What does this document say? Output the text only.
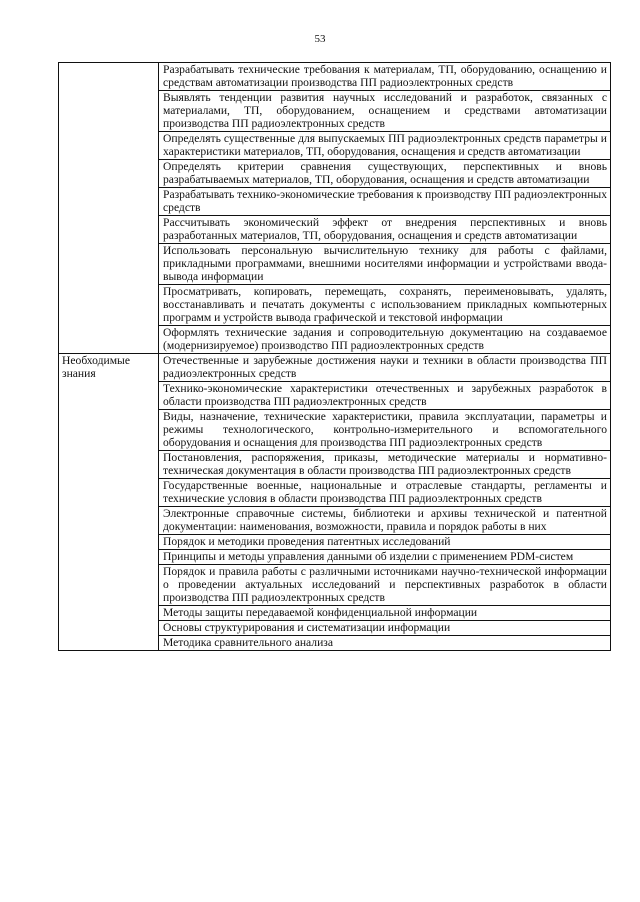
53
	Разрабатывать технические требования к материалам, ТП, оборудованию, оснащению и средствам автоматизации производства ПП радиоэлектронных средств
	Выявлять тенденции развития научных исследований и разработок, связанных с материалами, ТП, оборудованием, оснащением и средствами автоматизации производства ПП радиоэлектронных средств
	Определять существенные для выпускаемых ПП радиоэлектронных средств параметры и характеристики материалов, ТП, оборудования, оснащения и средств автоматизации
	Определять критерии сравнения существующих, перспективных и вновь разрабатываемых материалов, ТП, оборудования, оснащения и средств автоматизации
	Разрабатывать технико-экономические требования к производству ПП радиоэлектронных средств
	Рассчитывать экономический эффект от внедрения перспективных и вновь разработанных материалов, ТП, оборудования, оснащения и средств автоматизации
	Использовать персональную вычислительную технику для работы с файлами, прикладными программами, внешними носителями информации и устройствами ввода-вывода информации
	Просматривать, копировать, перемещать, сохранять, переименовывать, удалять, восстанавливать и печатать документы с использованием прикладных компьютерных программ и устройств вывода графической и текстовой информации
	Оформлять технические задания и сопроводительную документацию на создаваемое (модернизируемое) производство ПП радиоэлектронных средств
Необходимые знания	Отечественные и зарубежные достижения науки и техники в области производства ПП радиоэлектронных средств
	Технико-экономические характеристики отечественных и зарубежных разработок в области производства ПП радиоэлектронных средств
	Виды, назначение, технические характеристики, правила эксплуатации, параметры и режимы технологического, контрольно-измерительного и вспомогательного оборудования и оснащения для производства ПП радиоэлектронных средств
	Постановления, распоряжения, приказы, методические материалы и нормативно-техническая документация в области производства ПП радиоэлектронных средств
	Государственные военные, национальные и отраслевые стандарты, регламенты и технические условия в области производства ПП радиоэлектронных средств
	Электронные справочные системы, библиотеки и архивы технической и патентной документации: наименования, возможности, правила и порядок работы в них
	Порядок и методики проведения патентных исследований
	Принципы и методы управления данными об изделии с применением PDM-систем
	Порядок и правила работы с различными источниками научно-технической информации о проведении актуальных исследований и перспективных разработок в области производства ПП радиоэлектронных средств
	Методы защиты передаваемой конфиденциальной информации
	Основы структурирования и систематизации информации
	Методика сравнительного анализа
